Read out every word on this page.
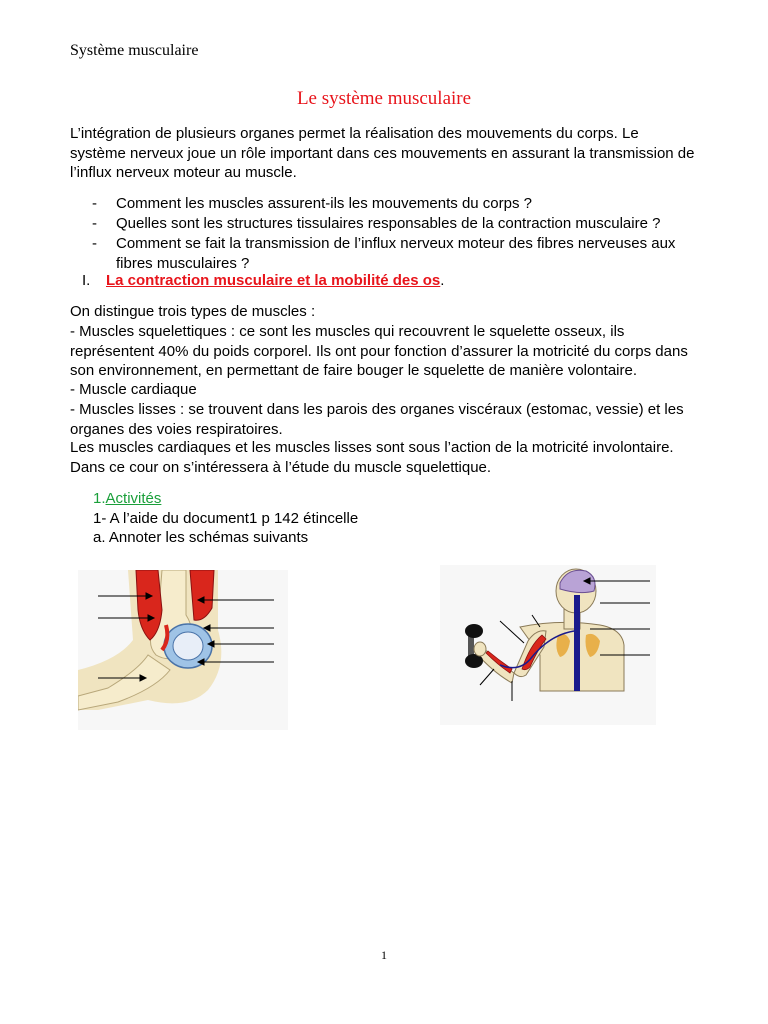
Système musculaire
Le système musculaire

L’intégration de plusieurs organes permet la réalisation des mouvements du corps. Le système nerveux joue un rôle important dans ces mouvements en assurant la transmission de l’influx nerveux moteur au muscle.

- Comment les muscles assurent-ils les mouvements du corps ?

- Quelles sont les structures tissulaires responsables de la contraction musculaire ?

- Comment se fait la transmission de l’influx nerveux moteur des fibres nerveuses aux fibres musculaires ?

I. La contraction musculaire et la mobilité des os.

On distingue trois types de muscles :

- Muscles squelettiques : ce sont les muscles qui recouvrent le squelette osseux, ils représentent 40% du poids corporel. Ils ont pour fonction d’assurer la motricité du corps dans son environnement, en permettant de faire bouger le squelette de manière volontaire.

- Muscle cardiaque

- Muscles lisses : se trouvent dans les parois des organes viscéraux (estomac, vessie) et les organes des voies respiratoires.

Les muscles cardiaques et les muscles lisses sont sous l’action de la motricité involontaire. Dans ce cour on s’intéressera à l’étude du muscle squelettique.

1.Activités
1- A l’aide du document1 p 142 étincelle
a. Annoter les schémas suivants
1
